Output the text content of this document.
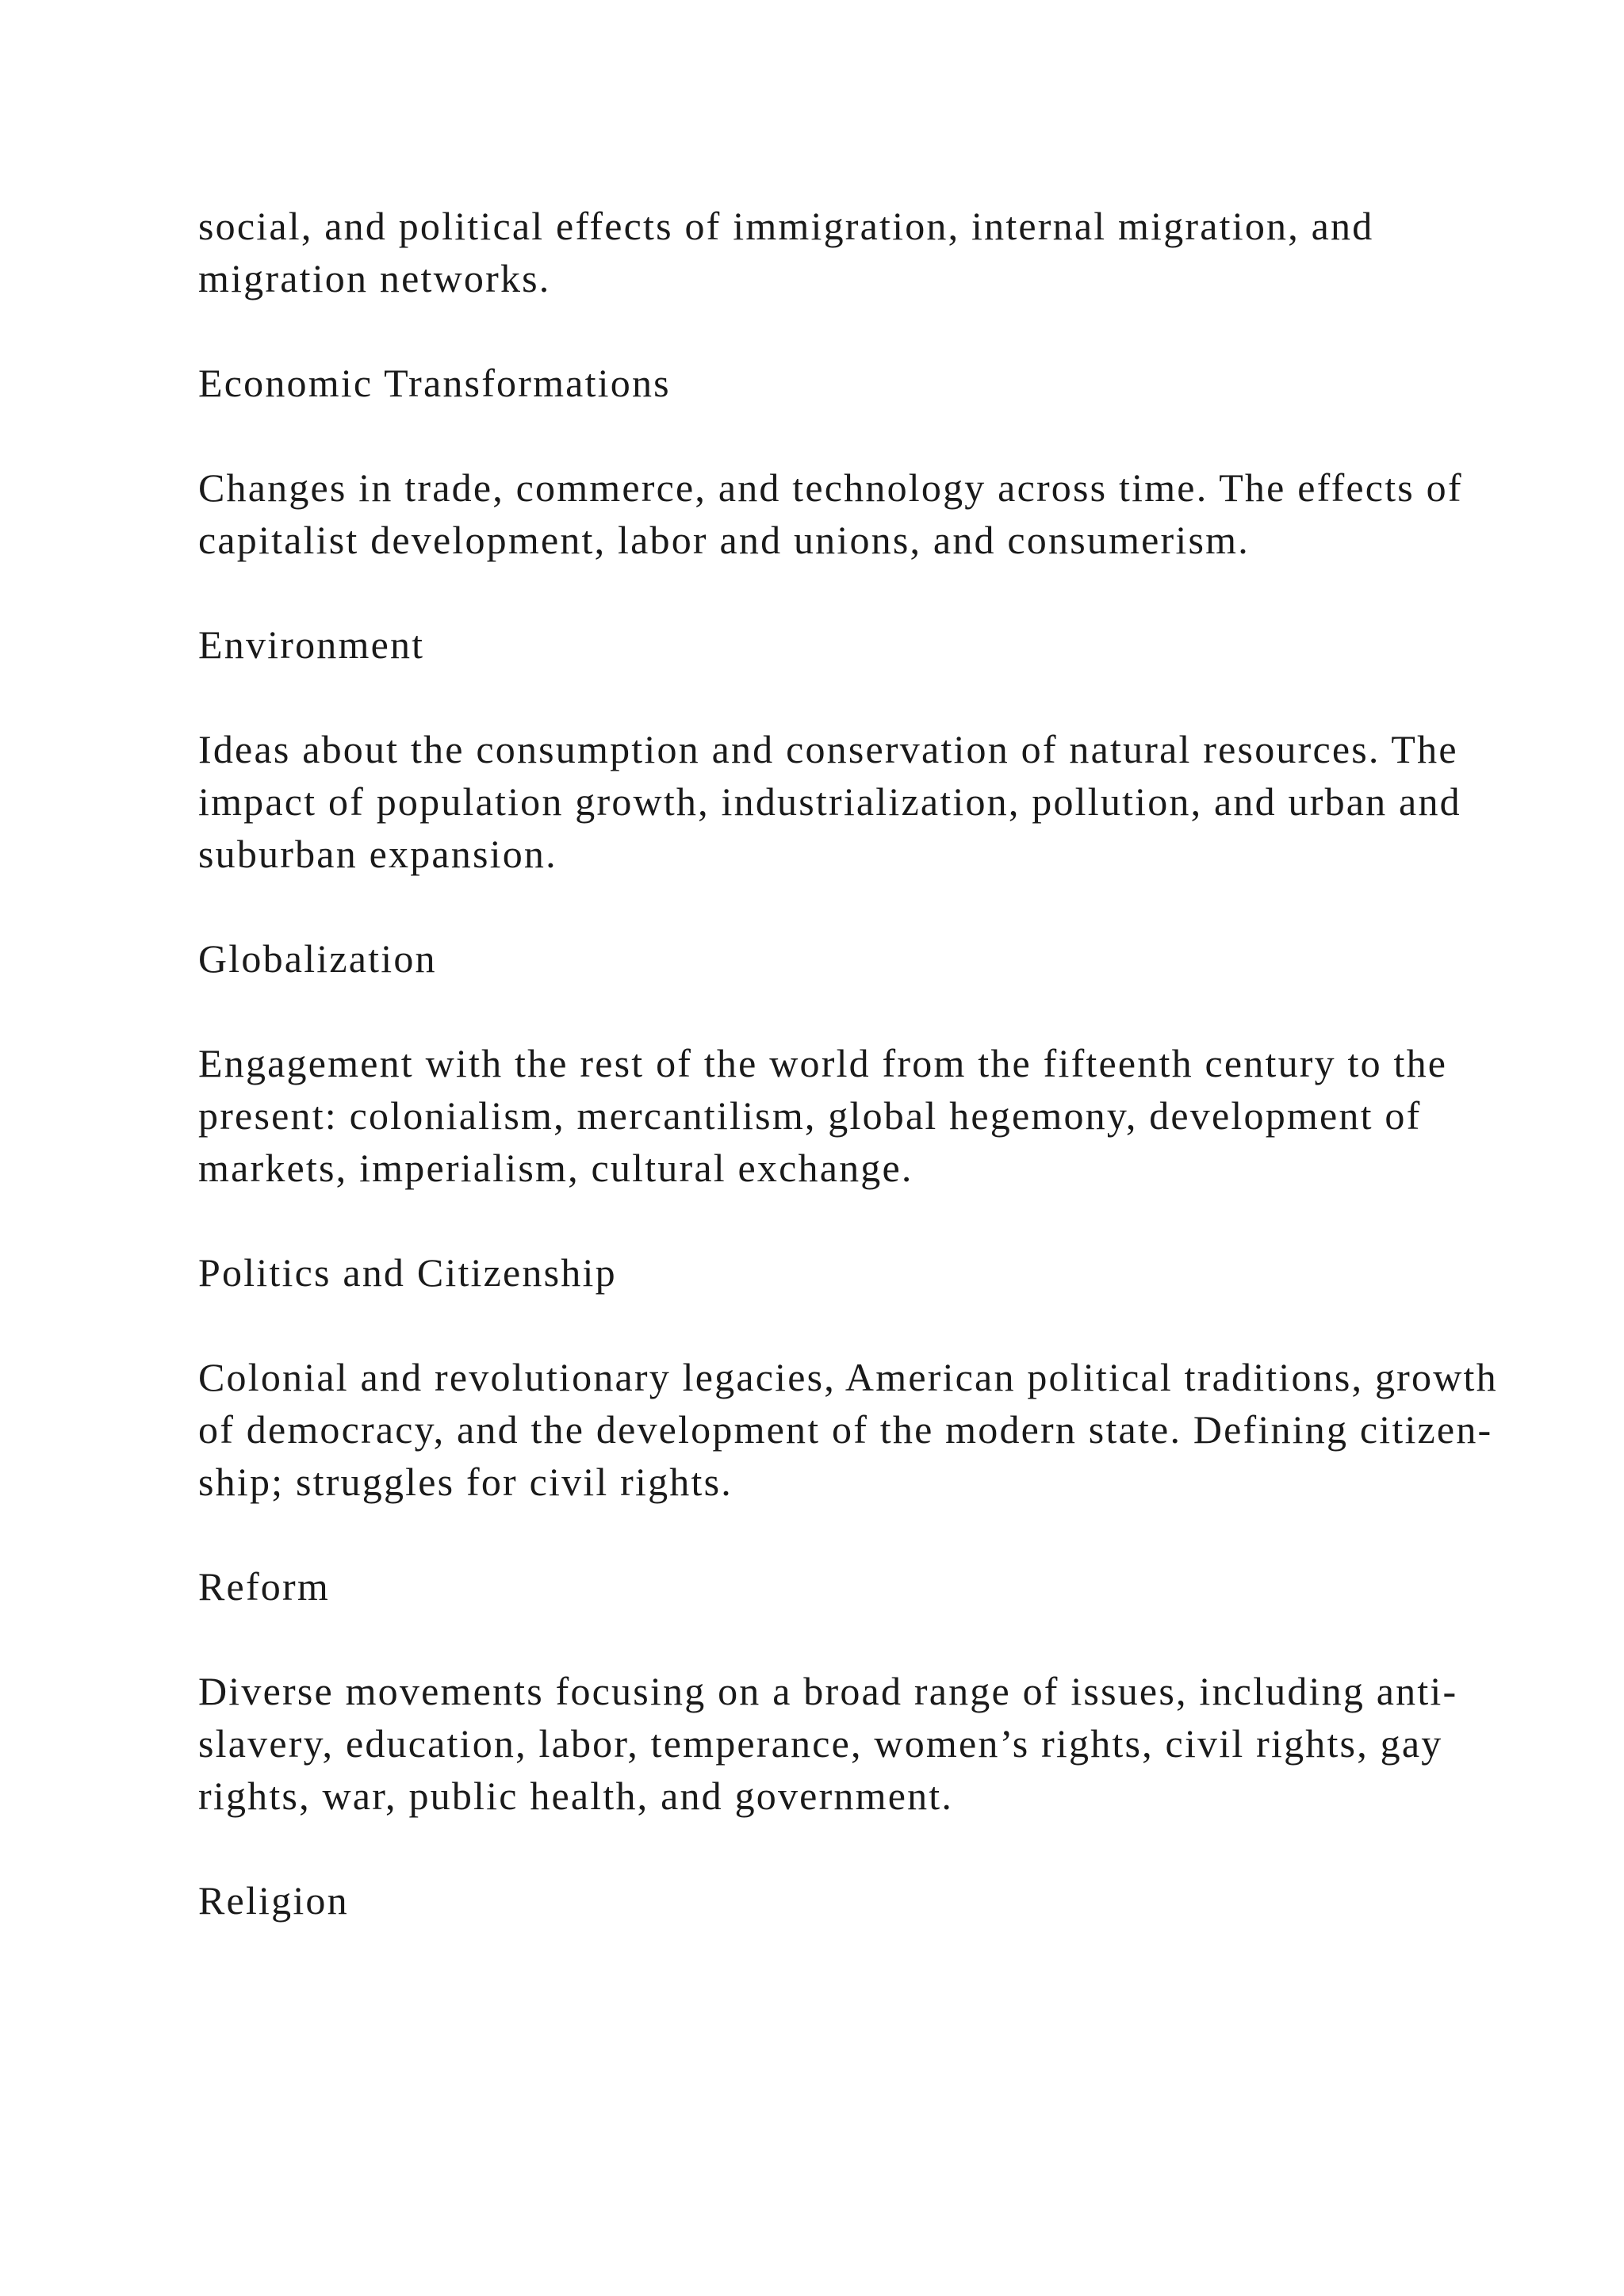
social, and political effects of immigration, internal migration, and migration networks.

Economic Transformations

Changes in trade, commerce, and technology across time. The effects of capitalist development, labor and unions, and consumerism.

Environment

Ideas about the consumption and conservation of natural resources. The impact of population growth, industrialization, pollution, and urban and suburban expansion.

Globalization

Engagement with the rest of the world from the fifteenth century to the present: colonialism, mercantilism, global hegemony, development of markets, imperialism, cultural exchange.

Politics and Citizenship

Colonial and revolutionary legacies, American political traditions, growth of democracy, and the development of the modern state. Defining citizen- ship; struggles for civil rights.

Reform

Diverse movements focusing on a broad range of issues, including anti- slavery, education, labor, temperance, women’s rights, civil rights, gay rights, war, public health, and government.

Religion
